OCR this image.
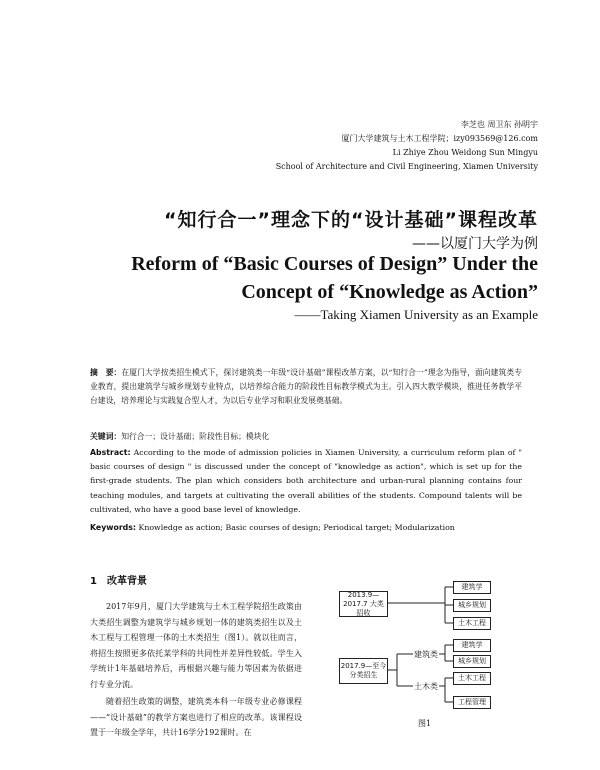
李芝也 周卫东 孙明宇
厦门大学建筑与土木工程学院；izy093569@126.com
Li Zhiye Zhou Weidong Sun Mingyu
School of Architecture and Civil Engineering, Xiamen University
“知行合一”理念下的“设计基础”课程改革
——以厦门大学为例
Reform of “Basic Courses of Design” Under the Concept of “Knowledge as Action”
——Taking Xiamen University as an Example
摘　要：在厦门大学按类招生模式下，探讨建筑类一年级“设计基础”课程改革方案，以“知行合一”理念为指导，面向建筑类专业教育，提出建筑学与城乡规划专业特点，以培养综合能力的阶段性目标教学模式为主。引入四大教学模块，推进任务教学平台建设，培养理论与实践复合型人才，为以后专业学习和职业发展奠基础。
关键词：知行合一；设计基础；阶段性目标；模块化
Abstract: According to the mode of admission policies in Xiamen University, a curriculum reform plan of " basic courses of design " is discussed under the concept of "knowledge as action", which is set up for the first-grade students. The plan which considers both architecture and urban-rural planning contains four teaching modules, and targets at cultivating the overall abilities of the students. Compound talents will be cultivated, who have a good base level of knowledge.
Keywords: Knowledge as action; Basic courses of design; Periodical target; Modularization
1　改革背景
2017年9月，厦门大学建筑与土木工程学院招生政策由大类招生调整为建筑学与城乡规划一体的建筑类招生以及土木工程与工程管理一体的土木类招生（图1）。就以往而言，将招生按照更多依托某学科的共同性并差异性较低。学生入学统计1年基础培养后，再根据兴趣与能力等因素为依据进行专业分流。
随着招生政策的调整，建筑类本科一年级专业必修课程——“设计基础”的教学方案也进行了相应的改革。该课程设置于一年级全学年，共计16学分192课时。在
2013.9—2017.7 大类招收
2017.9—至今 分类招生
建筑类
土木类
建筑学
城乡规划
土木工程
建筑学
城乡规划
土木工程
工程管理
图1
